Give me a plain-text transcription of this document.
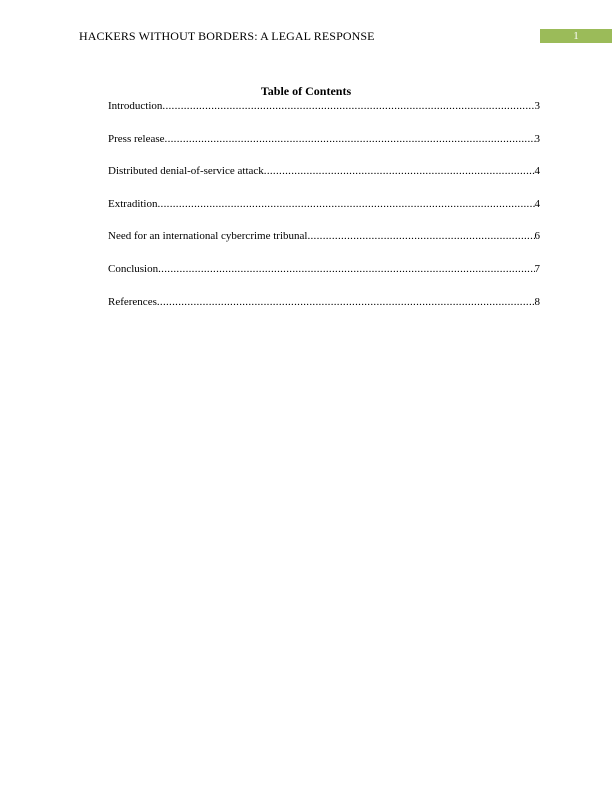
HACKERS WITHOUT BORDERS: A LEGAL RESPONSE	1
Table of Contents
Introduction .....	3
Press release .....	3
Distributed denial-of-service attack .....	4
Extradition .....	4
Need for an international cybercrime tribunal .....	6
Conclusion .....	7
References .....	8
